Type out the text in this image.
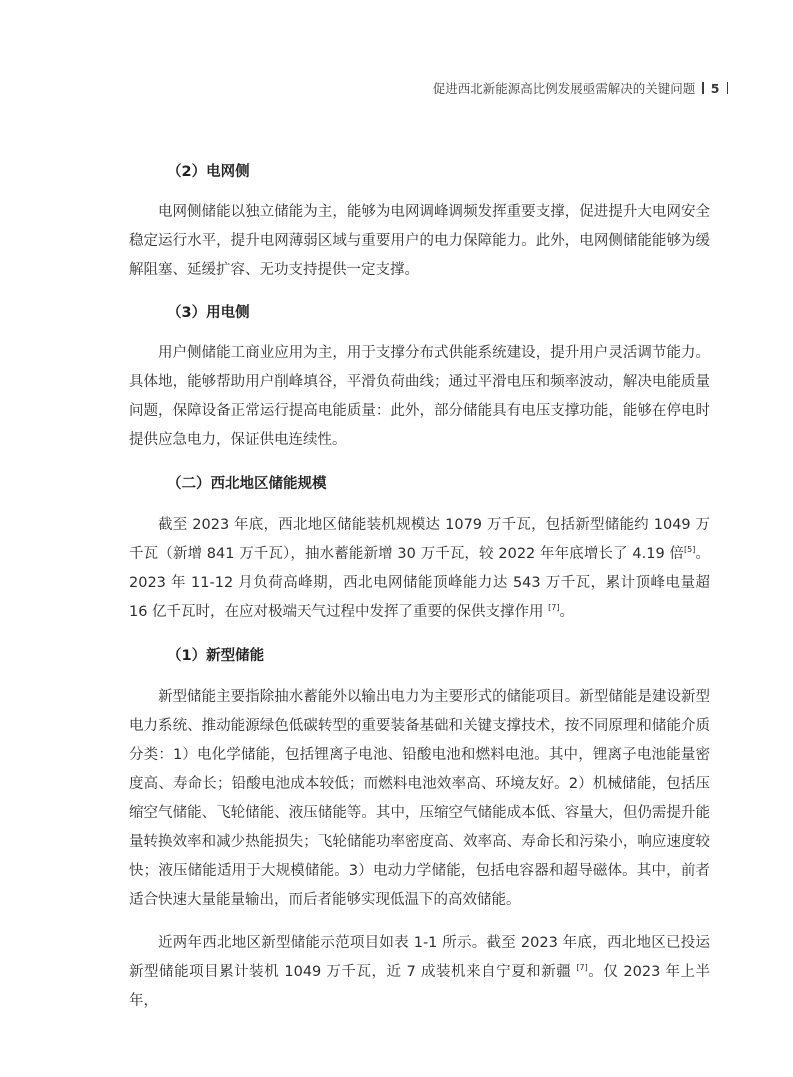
促进西北新能源高比例发展亟需解决的关键问题 5
（2）电网侧

电网侧储能以独立储能为主，能够为电网调峰调频发挥重要支撑，促进提升大电网安全稳定运行水平，提升电网薄弱区域与重要用户的电力保障能力。此外，电网侧储能能够为缓解阻塞、延缓扩容、无功支持提供一定支撑。

（3）用电侧

用户侧储能工商业应用为主，用于支撑分布式供能系统建设，提升用户灵活调节能力。具体地，能够帮助用户削峰填谷，平滑负荷曲线；通过平滑电压和频率波动，解决电能质量问题，保障设备正常运行提高电能质量：此外，部分储能具有电压支撑功能，能够在停电时提供应急电力，保证供电连续性。

（二）西北地区储能规模

截至 2023 年底，西北地区储能装机规模达 1079 万千瓦，包括新型储能约 1049 万千瓦（新增 841 万千瓦），抽水蓄能新增 30 万千瓦，较 2022 年年底增长了 4.19 倍[5]。2023 年 11-12 月负荷高峰期，西北电网储能顶峰能力达 543 万千瓦，累计顶峰电量超 16 亿千瓦时，在应对极端天气过程中发挥了重要的保供支撑作用 [7]。

（1）新型储能

新型储能主要指除抽水蓄能外以输出电力为主要形式的储能项目。新型储能是建设新型电力系统、推动能源绿色低碳转型的重要装备基础和关键支撑技术，按不同原理和储能介质分类：1）电化学储能，包括锂离子电池、铅酸电池和燃料电池。其中，锂离子电池能量密度高、寿命长；铅酸电池成本较低；而燃料电池效率高、环境友好。2）机械储能，包括压缩空气储能、飞轮储能、液压储能等。其中，压缩空气储能成本低、容量大，但仍需提升能量转换效率和减少热能损失；飞轮储能功率密度高、效率高、寿命长和污染小，响应速度较快；液压储能适用于大规模储能。3）电动力学储能，包括电容器和超导磁体。其中，前者适合快速大量能量输出，而后者能够实现低温下的高效储能。

近两年西北地区新型储能示范项目如表 1-1 所示。截至 2023 年底，西北地区已投运新型储能项目累计装机 1049 万千瓦，近 7 成装机来自宁夏和新疆 [7]。仅 2023 年上半年，
